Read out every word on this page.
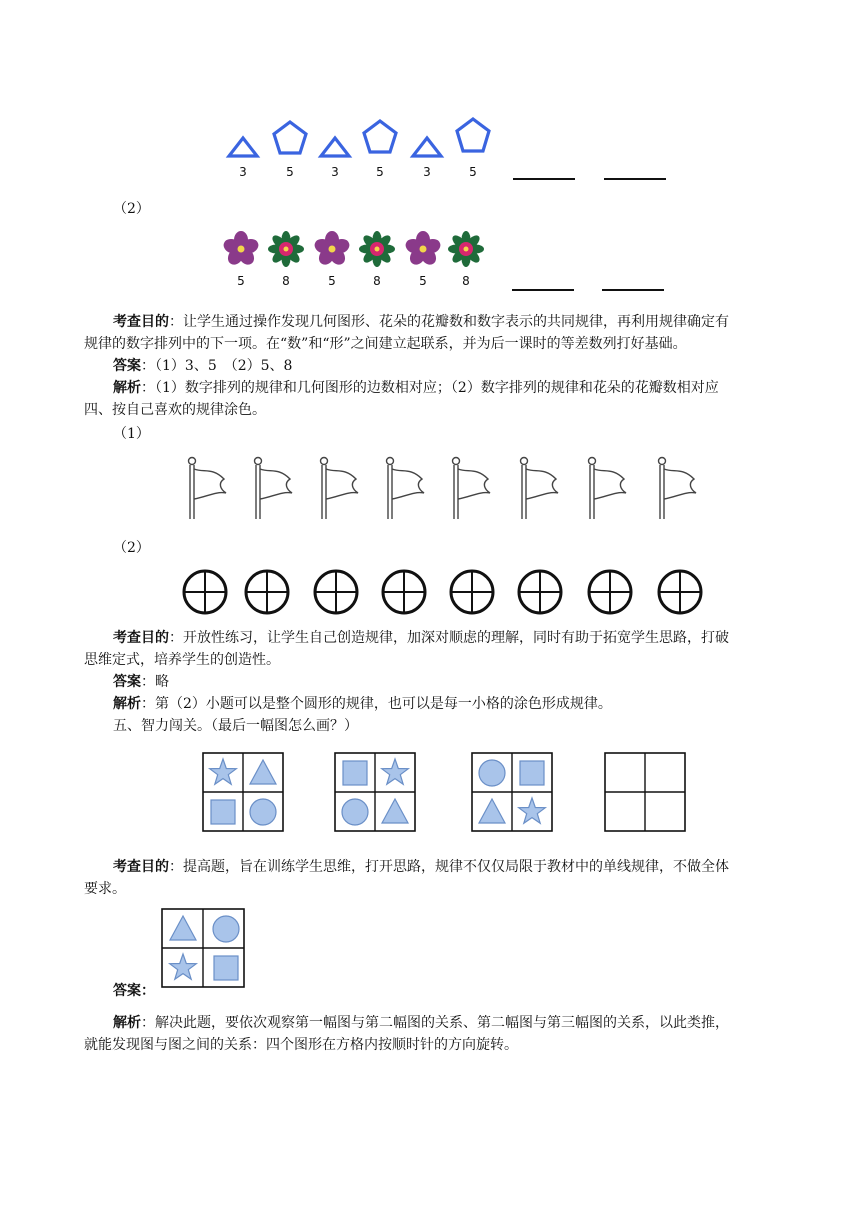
3	5	3	5	3	5
（2）
5	8	5	8	5	8
考查目的：让学生通过操作发现几何图形、花朵的花瓣数和数字表示的共同规律，再利用规律确定有
规律的数字排列中的下一项。在“数”和“形”之间建立起联系，并为后一课时的等差数列打好基础。
答案：（1）3、5　（2）5、8
解析：（1）数字排列的规律和几何图形的边数相对应；（2）数字排列的规律和花朵的花瓣数相对应
四、按自己喜欢的规律涂色。
（1）
（2）
考查目的：开放性练习，让学生自己创造规律，加深对顺虑的理解，同时有助于拓宽学生思路，打破
思维定式，培养学生的创造性。
答案：略
解析：第（2）小题可以是整个圆形的规律，也可以是每一小格的涂色形成规律。
五、智力闯关。（最后一幅图怎么画？）
考查目的：提高题，旨在训练学生思维，打开思路，规律不仅仅局限于教材中的单线规律，不做全体
要求。
答案：
解析：解决此题，要依次观察第一幅图与第二幅图的关系、第二幅图与第三幅图的关系，以此类推，
就能发现图与图之间的关系：四个图形在方格内按顺时针的方向旋转。
